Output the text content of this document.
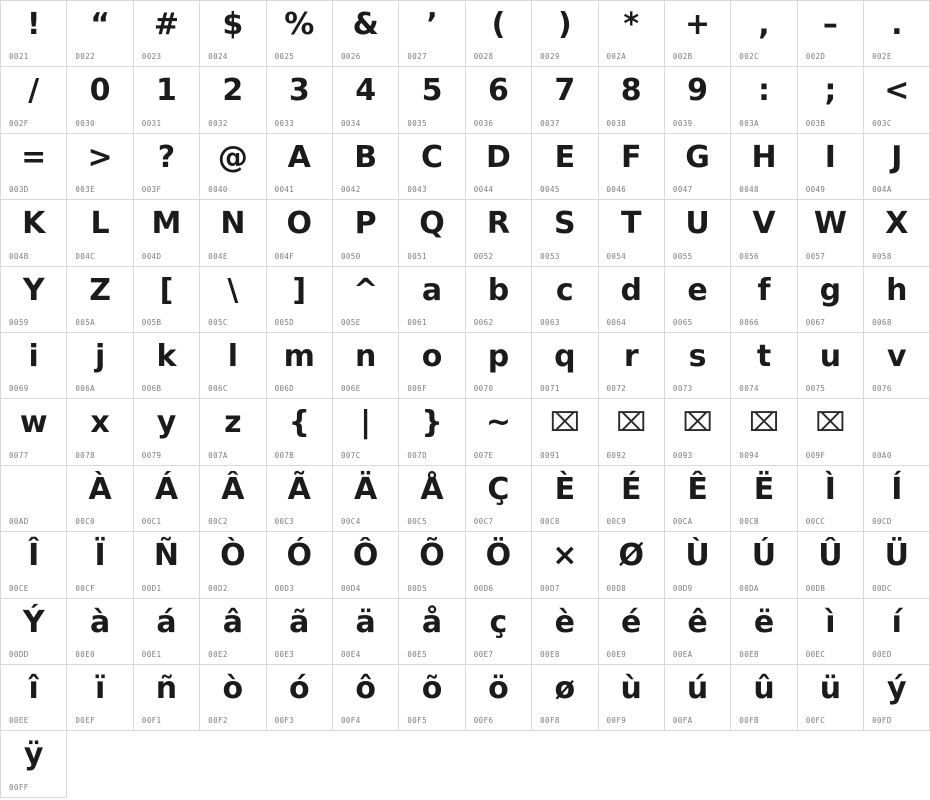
!
0021
“
0022
#
0023
$
0024
%
0025
&
0026
’
0027
(
0028
)
0029
*
002A
+
002B
,
002C
–
002D
.
002E
/
002F
0
0030
1
0031
2
0032
3
0033
4
0034
5
0035
6
0036
7
0037
8
0038
9
0039
:
003A
;
003B
<
003C
=
003D
>
003E
?
003F
@
0040
A
0041
B
0042
C
0043
D
0044
E
0045
F
0046
G
0047
H
0048
I
0049
J
004A
K
004B
L
004C
M
004D
N
004E
O
004F
P
0050
Q
0051
R
0052
S
0053
T
0054
U
0055
V
0056
W
0057
X
0058
Y
0059
Z
005A
[
005B
\
005C
]
005D
^
005E
a
0061
b
0062
c
0063
d
0064
e
0065
f
0066
g
0067
h
0068
i
0069
j
006A
k
006B
l
006C
m
006D
n
006E
o
006F
p
0070
q
0071
r
0072
s
0073
t
0074
u
0075
v
0076
w
0077
x
0078
y
0079
z
007A
{
007B
|
007C
}
007D
~
007E
⌧
0091
⌧
0092
⌧
0093
⌧
0094
⌧
009F	00A0
00AD
À
00C0
Á
00C1
Â
00C2
Ã
00C3
Ä
00C4
Å
00C5
Ç
00C7
È
00C8
É
00C9
Ê
00CA
Ë
00CB
Ì
00CC
Í
00CD
Î
00CE
Ï
00CF
Ñ
00D1
Ò
00D2
Ó
00D3
Ô
00D4
Õ
00D5
Ö
00D6
×
00D7
Ø
00D8
Ù
00D9
Ú
00DA
Û
00DB
Ü
00DC
Ý
00DD
à
00E0
á
00E1
â
00E2
ã
00E3
ä
00E4
å
00E5
ç
00E7
è
00E8
é
00E9
ê
00EA
ë
00EB
ì
00EC
í
00ED
î
00EE
ï
00EF
ñ
00F1
ò
00F2
ó
00F3
ô
00F4
õ
00F5
ö
00F6
ø
00F8
ù
00F9
ú
00FA
û
00FB
ü
00FC
ý
00FD
ÿ
00FF
